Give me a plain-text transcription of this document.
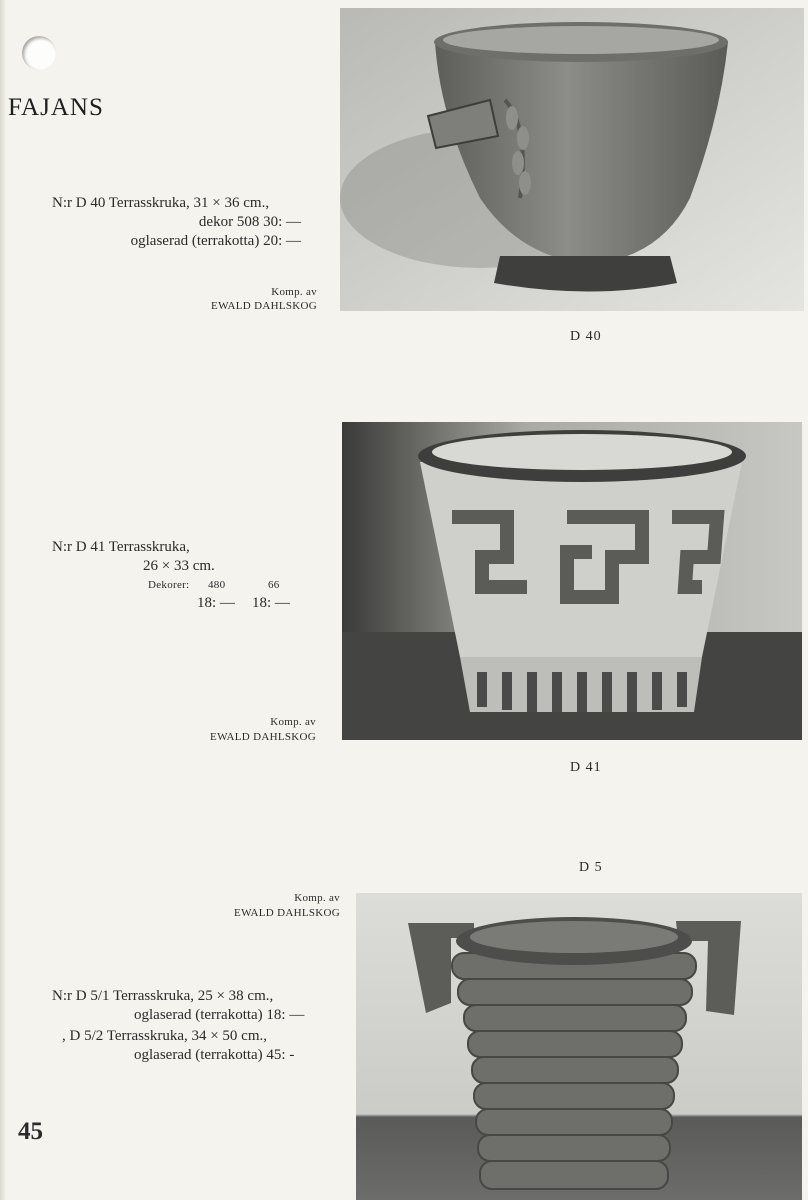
FAJANS
N:r D 40 Terrasskruka, 31 × 36 cm.,
dekor 508 30: —
oglaserad (terrakotta) 20: —
Komp. av
EWALD DAHLSKOG
D 40
N:r D 41 Terrasskruka,
26 × 33 cm.
Dekorer: 480	66
18: — 18: —
Komp. av
EWALD DAHLSKOG
D 41
D 5
Komp. av
EWALD DAHLSKOG
N:r D 5/1 Terrasskruka, 25 × 38 cm.,
oglaserad (terrakotta) 18: —
, D 5/2 Terrasskruka, 34 × 50 cm.,
oglaserad (terrakotta) 45: -
45
